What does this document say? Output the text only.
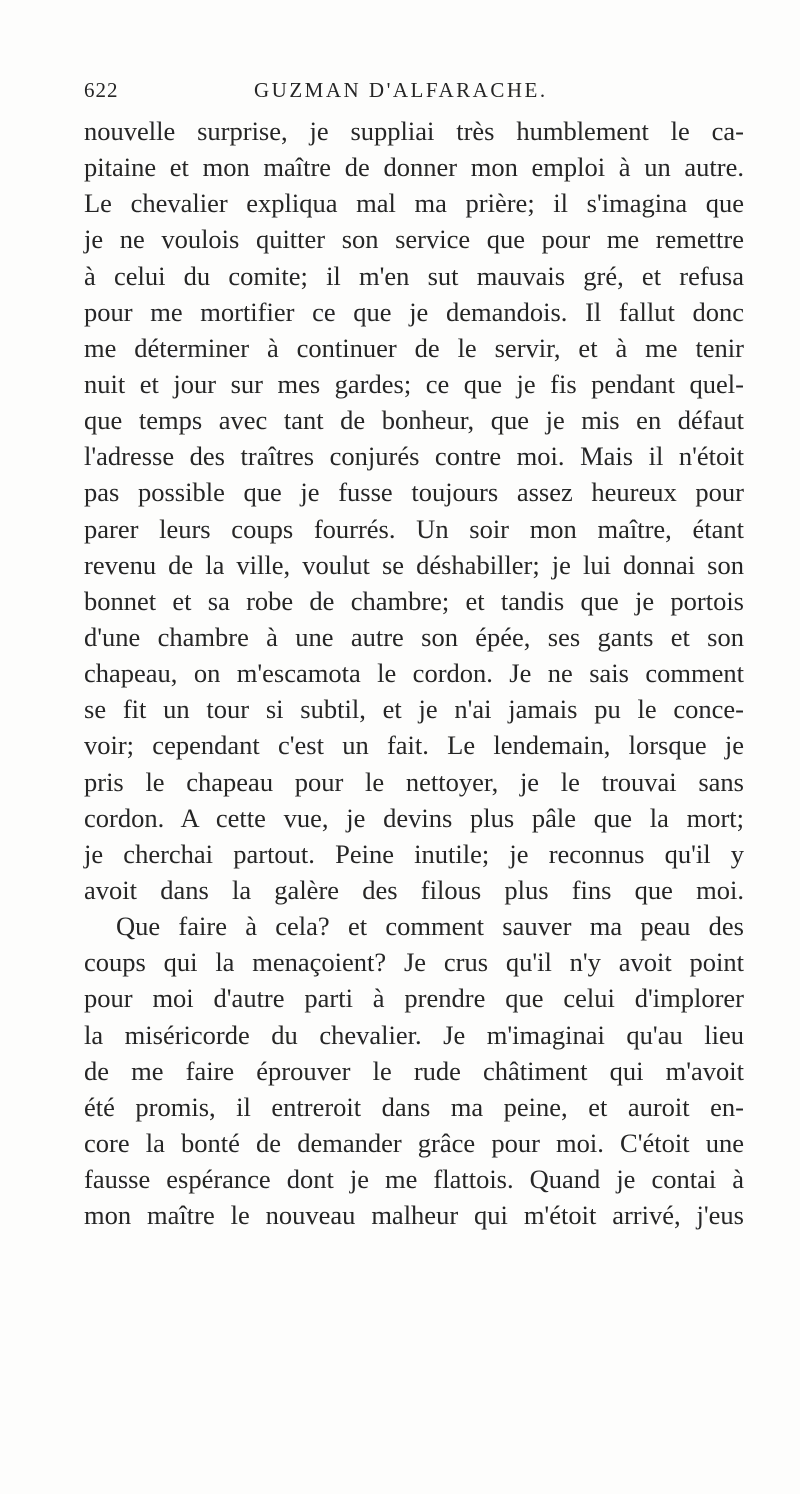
622	GUZMAN D'ALFARACHE.
nouvelle surprise, je suppliai très humblement le ca-
pitaine et mon maître de donner mon emploi à un autre.
Le chevalier expliqua mal ma prière; il s'imagina que
je ne voulois quitter son service que pour me remettre
à celui du comite; il m'en sut mauvais gré, et refusa
pour me mortifier ce que je demandois. Il fallut donc
me déterminer à continuer de le servir, et à me tenir
nuit et jour sur mes gardes; ce que je fis pendant quel-
que temps avec tant de bonheur, que je mis en défaut
l'adresse des traîtres conjurés contre moi. Mais il n'étoit
pas possible que je fusse toujours assez heureux pour
parer leurs coups fourrés. Un soir mon maître, étant
revenu de la ville, voulut se déshabiller; je lui donnai son
bonnet et sa robe de chambre; et tandis que je portois
d'une chambre à une autre son épée, ses gants et son
chapeau, on m'escamota le cordon. Je ne sais comment
se fit un tour si subtil, et je n'ai jamais pu le conce-
voir; cependant c'est un fait. Le lendemain, lorsque je
pris le chapeau pour le nettoyer, je le trouvai sans
cordon. A cette vue, je devins plus pâle que la mort;
je cherchai partout. Peine inutile; je reconnus qu'il y
avoit dans la galère des filous plus fins que moi.
Que faire à cela? et comment sauver ma peau des
coups qui la menaçoient? Je crus qu'il n'y avoit point
pour moi d'autre parti à prendre que celui d'implorer
la miséricorde du chevalier. Je m'imaginai qu'au lieu
de me faire éprouver le rude châtiment qui m'avoit
été promis, il entreroit dans ma peine, et auroit en-
core la bonté de demander grâce pour moi. C'étoit une
fausse espérance dont je me flattois. Quand je contai à
mon maître le nouveau malheur qui m'étoit arrivé, j'eus
